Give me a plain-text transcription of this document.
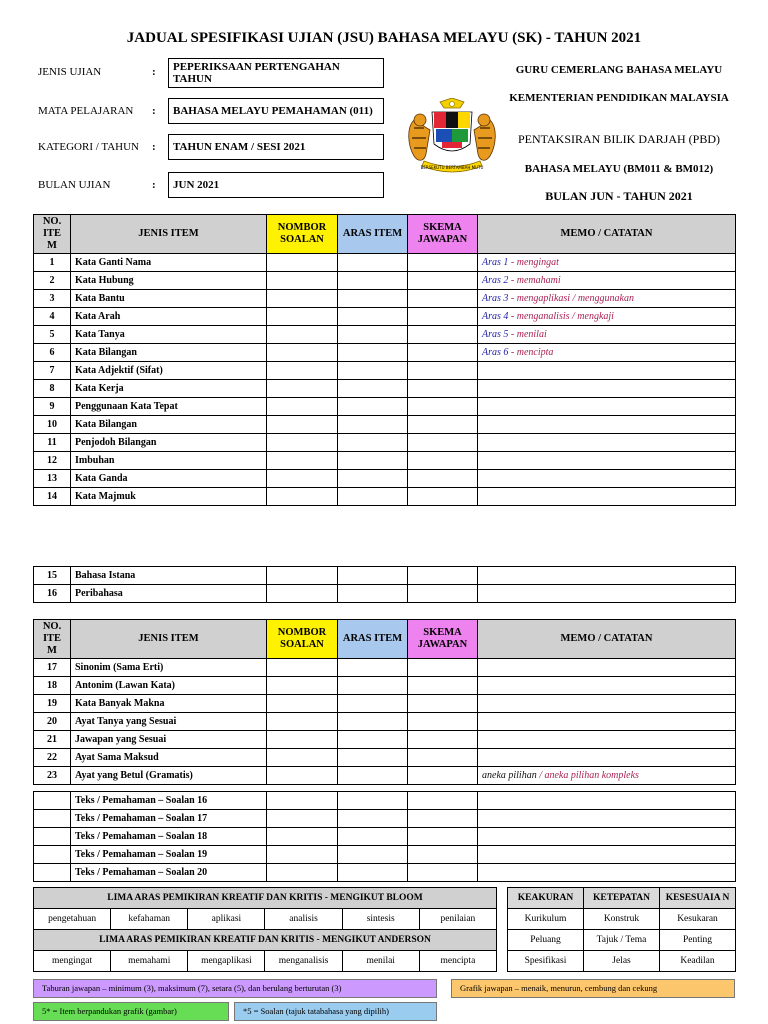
JADUAL SPESIFIKASI UJIAN (JSU) BAHASA MELAYU (SK) - TAHUN 2021
JENIS UJIAN	:	PEPERIKSAAN PERTENGAHAN TAHUN
MATA PELAJARAN :	BAHASA MELAYU PEMAHAMAN (011)
KATEGORI / TAHUN :	TAHUN ENAM / SESI 2021
BULAN UJIAN	:	JUN 2021
BERSEKUTU BERTAMBAH MUTU
GURU CEMERLANG BAHASA MELAYU
KEMENTERIAN PENDIDIKAN MALAYSIA
PENTAKSIRAN BILIK DARJAH (PBD)
BAHASA MELAYU (BM011 & BM012)
BULAN JUN - TAHUN 2021
NO. ITE M	JENIS ITEM	NOMBOR SOALAN	ARAS ITEM	SKEMA JAWAPAN	MEMO / CATATAN
1	Kata Ganti Nama				Aras 1 - mengingat
2	Kata Hubung				Aras 2 - memahami
3	Kata Bantu				Aras 3 - mengaplikasi / menggunakan
4	Kata Arah				Aras 4 - menganalisis / mengkaji
5	Kata Tanya				Aras 5 - menilai
6	Kata Bilangan				Aras 6 - mencipta
7	Kata Adjektif (Sifat)				
8	Kata Kerja				
9	Penggunaan Kata Tepat				
10	Kata Bilangan				
11	Penjodoh Bilangan				
12	Imbuhan				
13	Kata Ganda				
14	Kata Majmuk				
15	Bahasa Istana				
16	Peribahasa				
NO. ITE M	JENIS ITEM	NOMBOR SOALAN	ARAS ITEM	SKEMA JAWAPAN	MEMO / CATATAN
17	Sinonim (Sama Erti)				
18	Antonim (Lawan Kata)				
19	Kata Banyak Makna				
20	Ayat Tanya yang Sesuai				
21	Jawapan yang Sesuai				
22	Ayat Sama Maksud				
23	Ayat yang Betul (Gramatis)				aneka pilihan / aneka pilihan kompleks
	Teks / Pemahaman – Soalan 16				
	Teks / Pemahaman – Soalan 17				
	Teks / Pemahaman – Soalan 18				
	Teks / Pemahaman – Soalan 19				
	Teks / Pemahaman – Soalan 20				
LIMA ARAS PEMIKIRAN KREATIF DAN KRITIS - MENGIKUT BLOOM					
pengetahuan	kefahaman	aplikasi	analisis	sintesis	penilaian
LIMA ARAS PEMIKIRAN KREATIF DAN KRITIS - MENGIKUT ANDERSON					
mengingat	memahami	mengaplikasi	menganalisis	menilai	mencipta
KEAKURAN	KETEPATAN	KESESUAIA N
Kurikulum	Konstruk	Kesukaran
Peluang	Tajuk / Tema	Penting
Spesifikasi	Jelas	Keadilan
Taburan jawapan – minimum (3), maksimum (7), setara (5), dan berulang berturutan (3)	Grafik jawapan – menaik, menurun, cembung dan cekung
5* = Item berpandukan grafik (gambar)	*5 = Soalan (tajuk tatabahasa yang dipilih)
